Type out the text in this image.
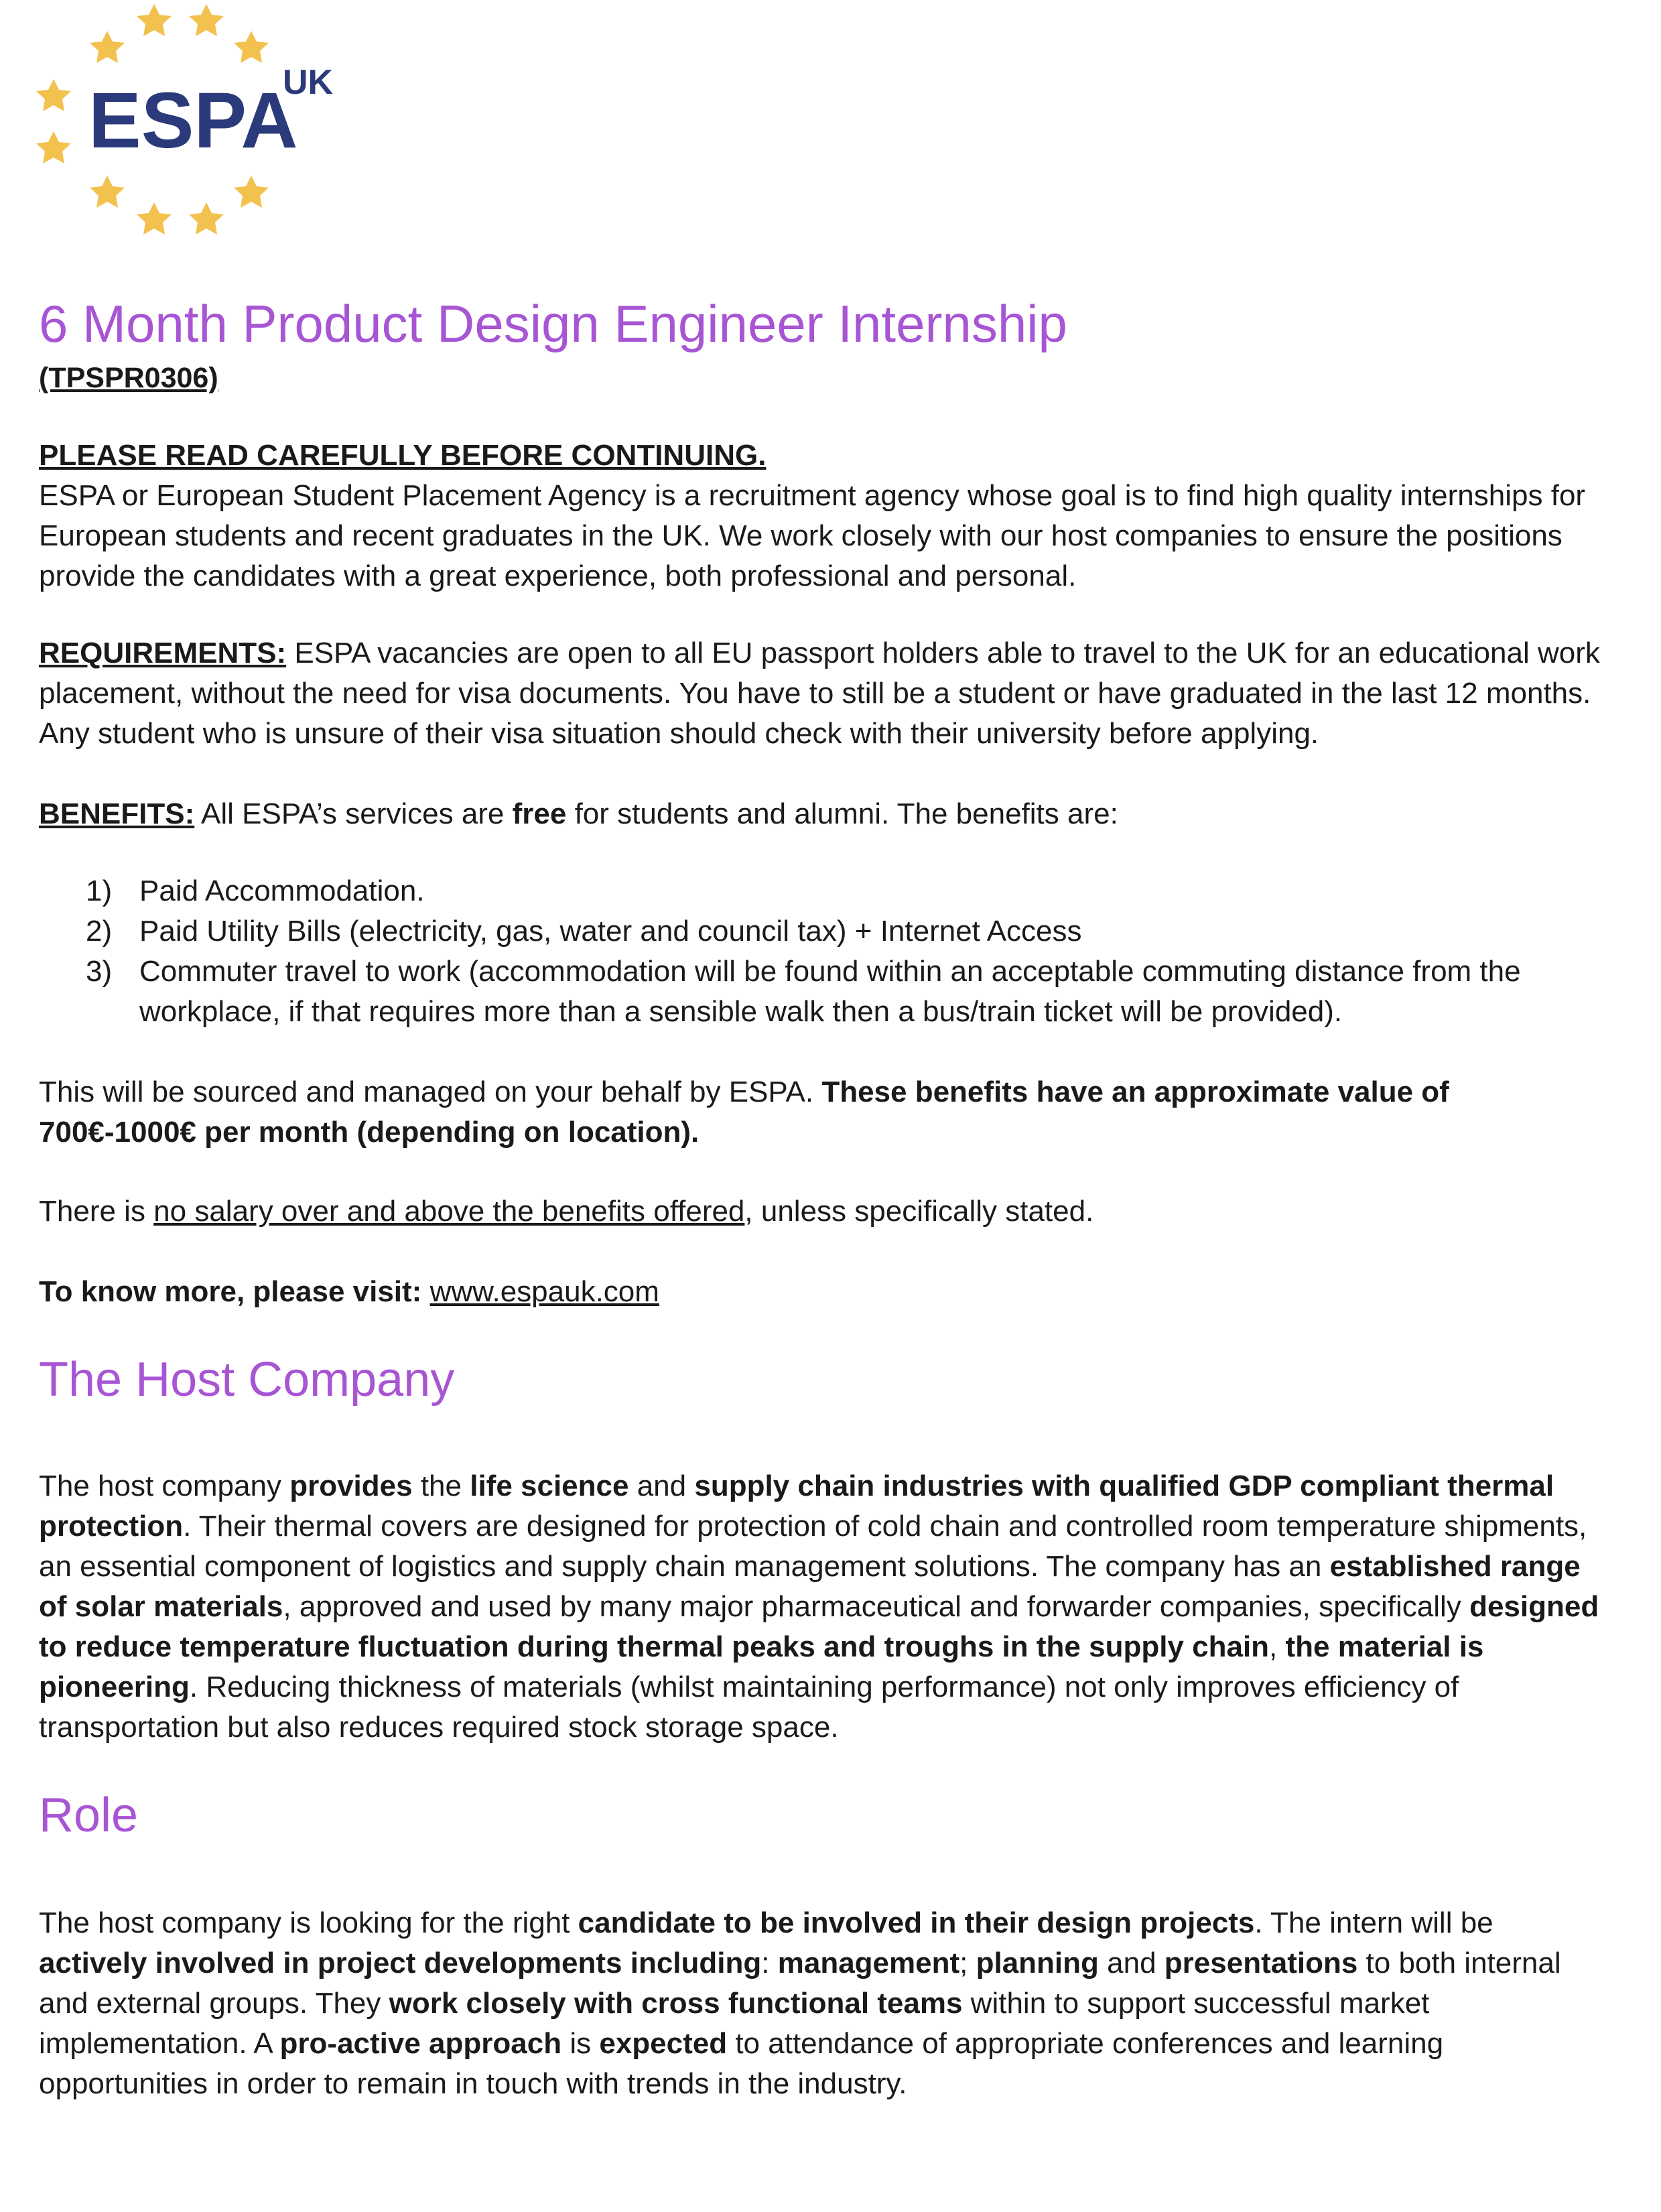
ESPA
UK
6 Month Product Design Engineer Internship

(TPSPR0306)

PLEASE READ CAREFULLY BEFORE CONTINUING.
ESPA or European Student Placement Agency is a recruitment agency whose goal is to find high quality internships for European students and recent graduates in the UK. We work closely with our host companies to ensure the positions provide the candidates with a great experience, both professional and personal.

REQUIREMENTS: ESPA vacancies are open to all EU passport holders able to travel to the UK for an educational work placement, without the need for visa documents. You have to still be a student or have graduated in the last 12 months. Any student who is unsure of their visa situation should check with their university before applying.

BENEFITS: All ESPA’s services are free for students and alumni. The benefits are:

1) Paid Accommodation.
2) Paid Utility Bills (electricity, gas, water and council tax) + Internet Access
3) Commuter travel to work (accommodation will be found within an acceptable commuting distance from the workplace, if that requires more than a sensible walk then a bus/train ticket will be provided).

This will be sourced and managed on your behalf by ESPA. These benefits have an approximate value of 700€-1000€ per month (depending on location).

There is no salary over and above the benefits offered, unless specifically stated.

To know more, please visit: www.espauk.com

The Host Company

The host company provides the life science and supply chain industries with qualified GDP compliant thermal protection. Their thermal covers are designed for protection of cold chain and controlled room temperature shipments, an essential component of logistics and supply chain management solutions. The company has an established range of solar materials, approved and used by many major pharmaceutical and forwarder companies, specifically designed to reduce temperature fluctuation during thermal peaks and troughs in the supply chain, the material is pioneering. Reducing thickness of materials (whilst maintaining performance) not only improves efficiency of transportation but also reduces required stock storage space.

Role

The host company is looking for the right candidate to be involved in their design projects. The intern will be actively involved in project developments including: management; planning and presentations to both internal and external groups. They work closely with cross functional teams within to support successful market implementation. A pro-active approach is expected to attendance of appropriate conferences and learning opportunities in order to remain in touch with trends in the industry.
